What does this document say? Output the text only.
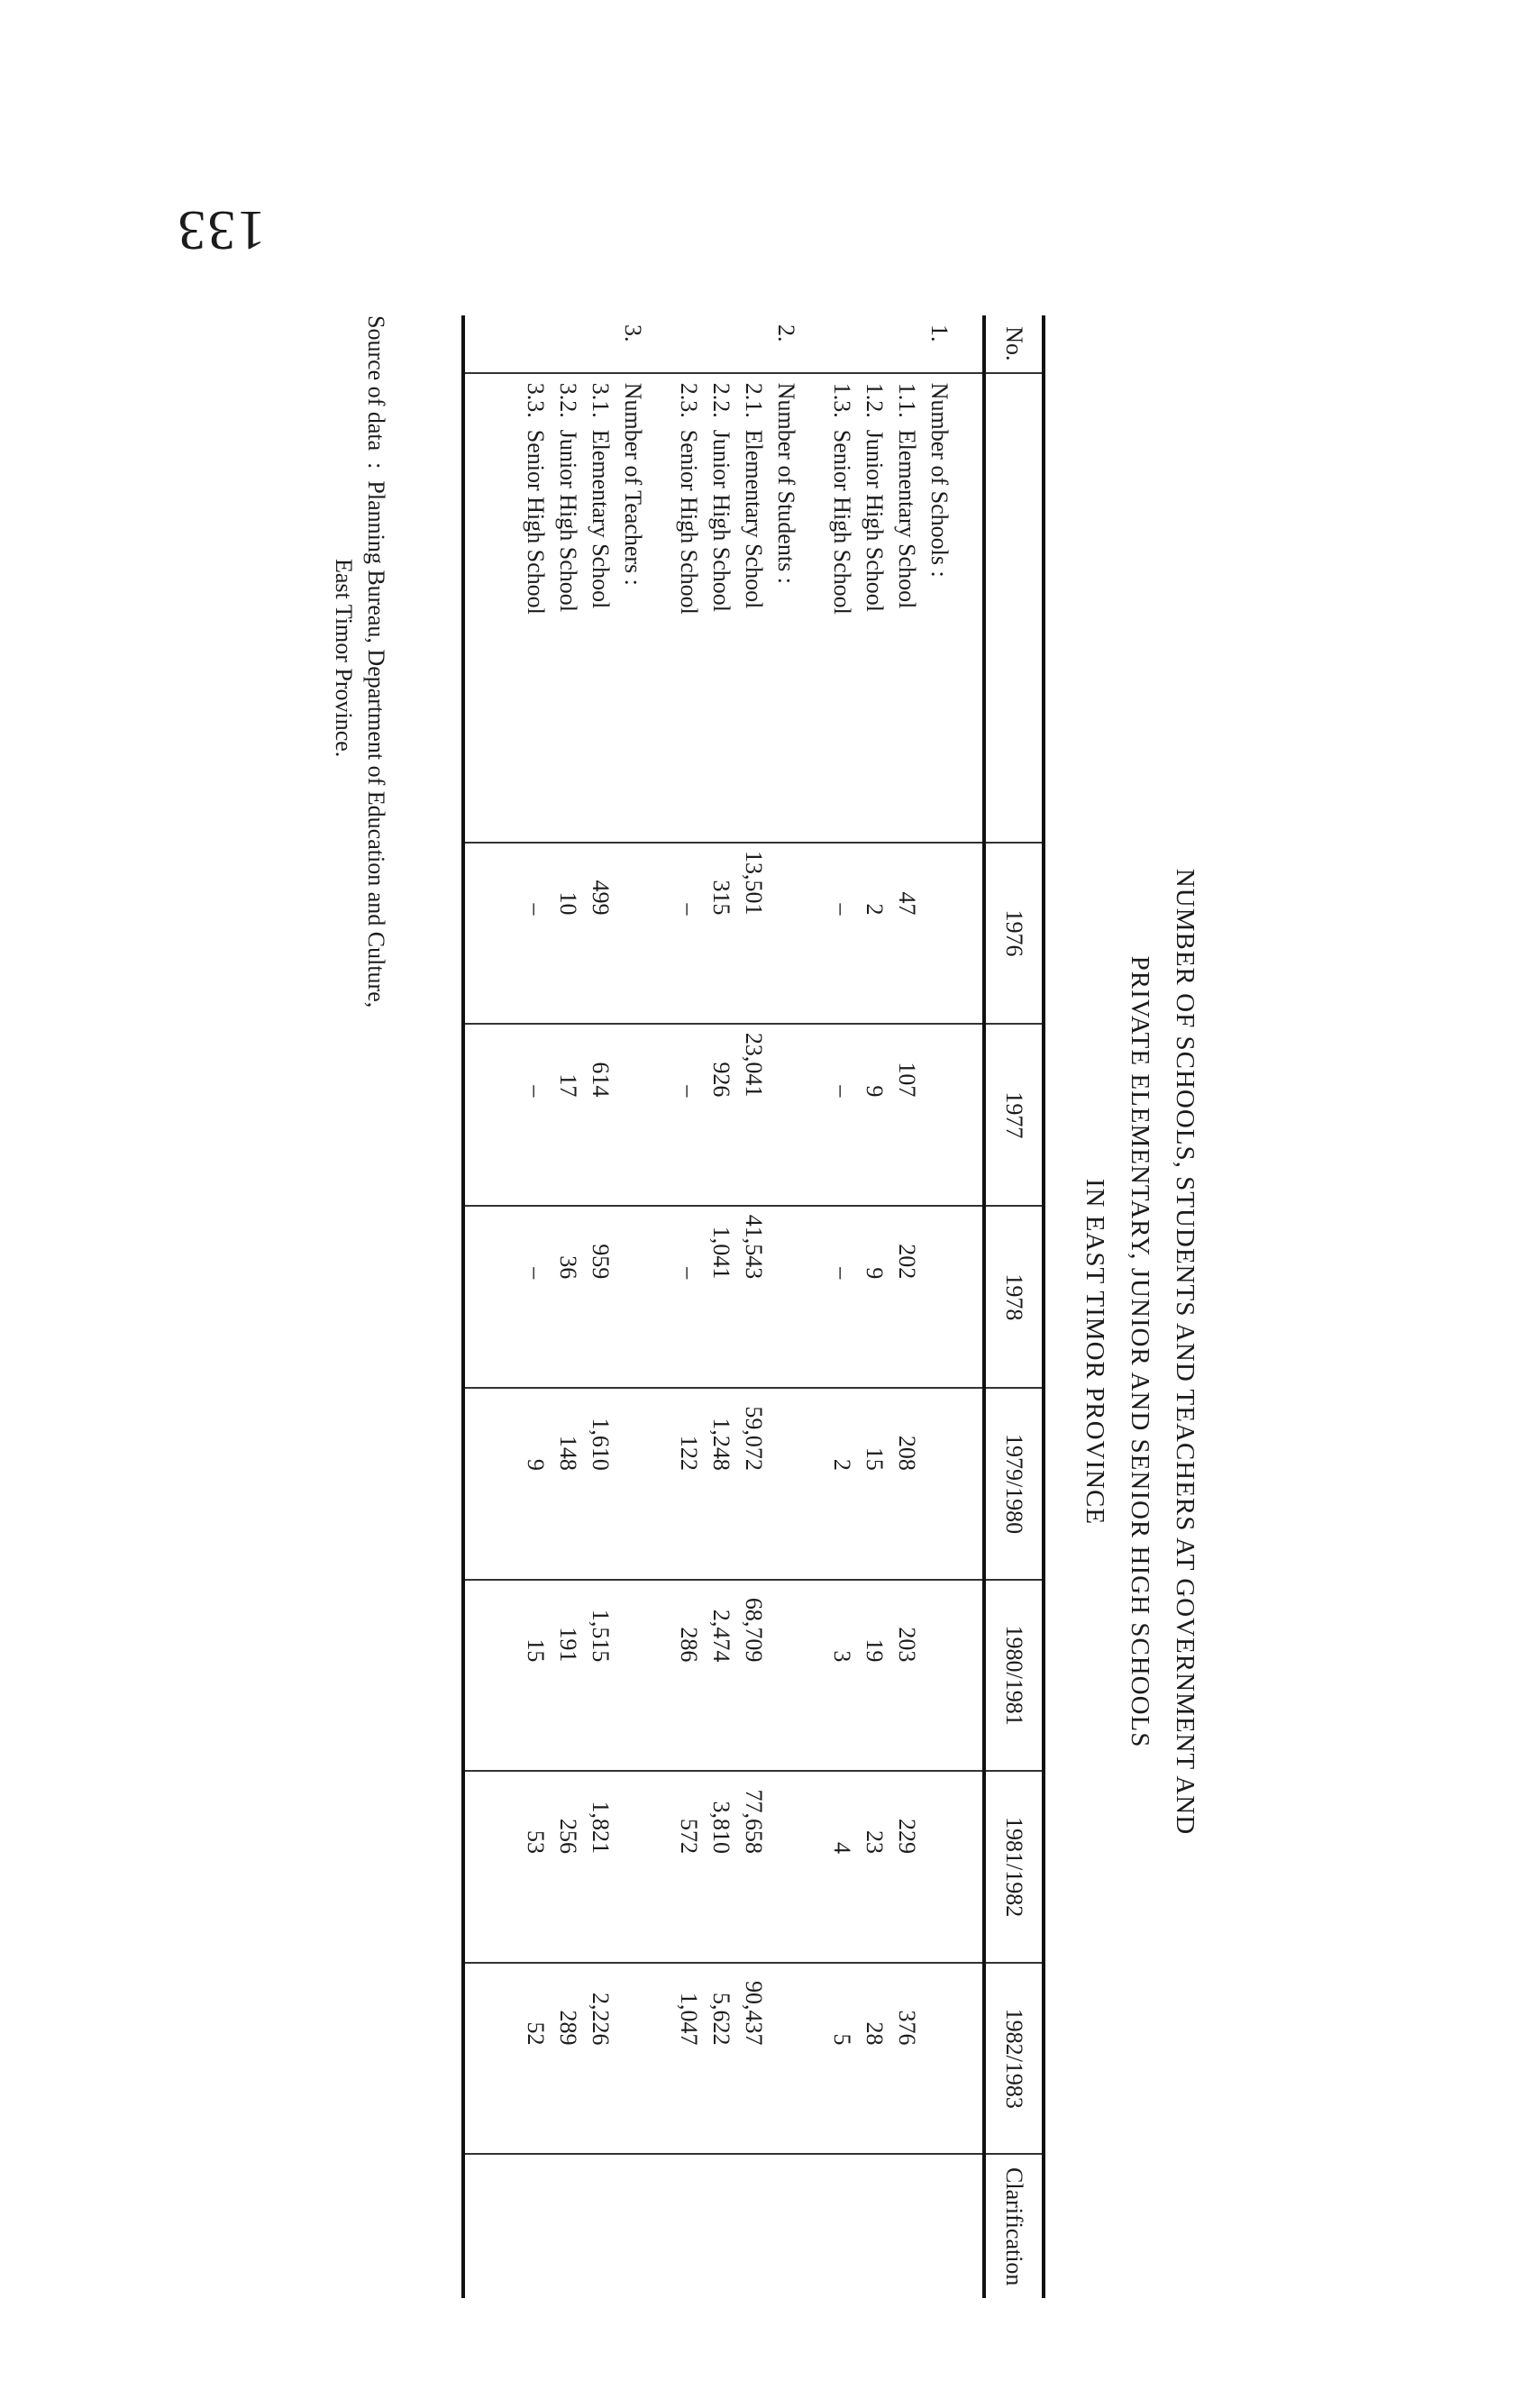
133
NUMBER OF SCHOOLS, STUDENTS AND TEACHERS AT GOVERNMENT AND
PRIVATE ELEMENTARY, JUNIOR AND SENIOR HIGH SCHOOLS
IN EAST TIMOR PROVINCE
No.		1976	1977	1978	1979/1980	1980/1981	1981/1982	1982/1983	Clarification
1.	Number of Schools :								
	1.1.  Elementary School	47	107	202	208	203	229	376	
	1.2.  Junior High School	2	9	9	15	19	23	28	
	1.3.  Senior High School	–	–	–	2	3	4	5	
2.	Number of Students :								
	2.1.  Elementary School	13,501	23,041	41,543	59,072	68,709	77,658	90,437	
	2.2.  Junior High School	315	926	1,041	1,248	2,474	3,810	5,622	
	2.3.  Senior High School	–	–	–	122	286	572	1,047	
3.	Number of Teachers :								
	3.1.  Elementary School	499	614	959	1,610	1,515	1,821	2,226	
	3.2.  Junior High School	10	17	36	148	191	256	289	
	3.3.  Senior High School	–	–	–	9	15	53	52	

Source of data  :  Planning Bureau, Department of Education and Culture,
East Timor Province.
